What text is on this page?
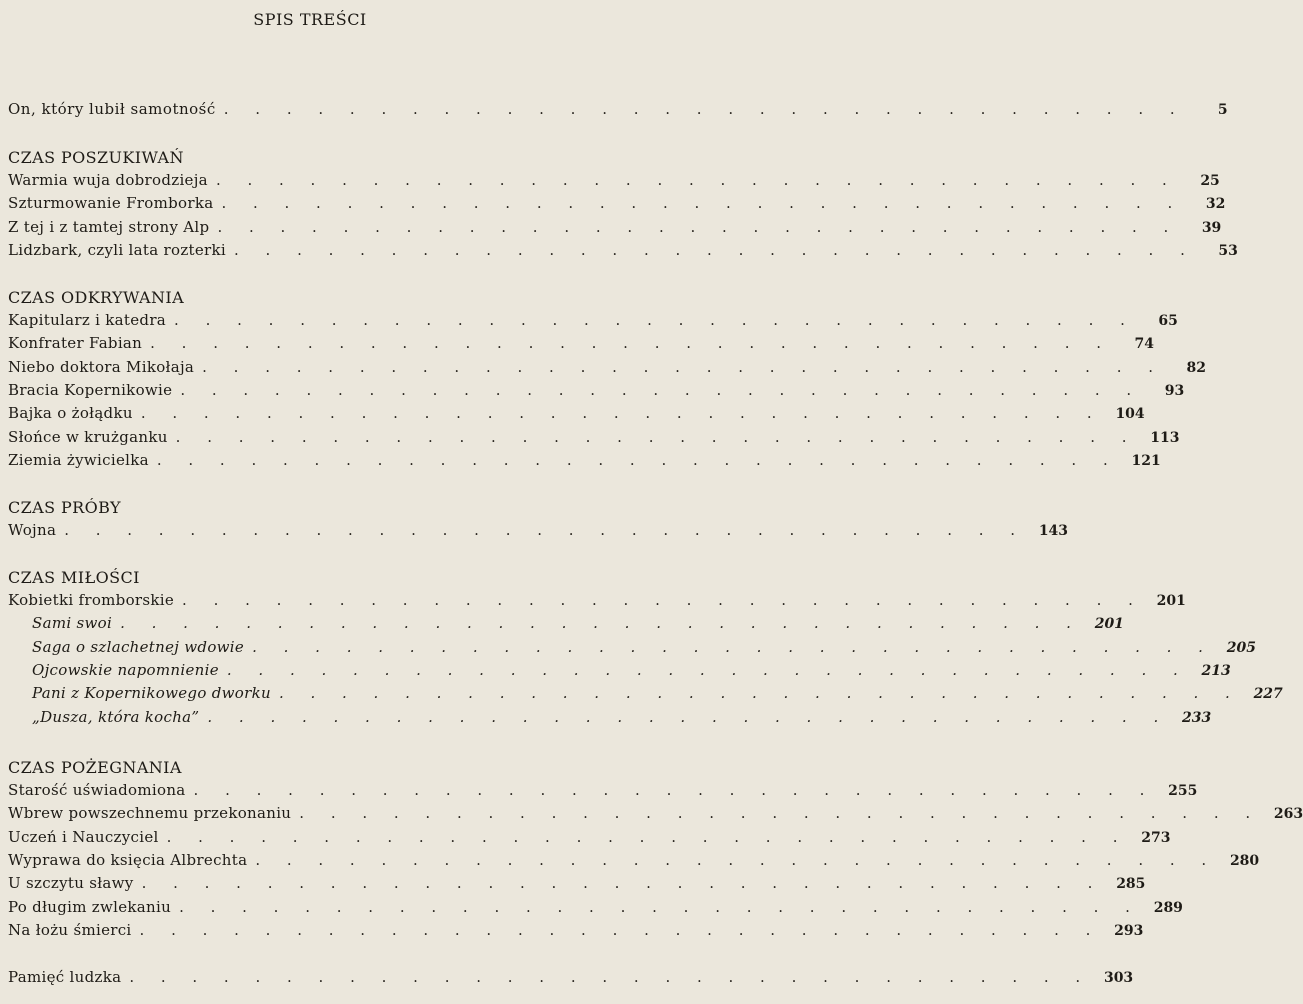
SPIS TREŚCI
On, który lubił samotność . . . . . . . . . . . . . . . . . . . . . . . . . . . . . . .	5
CZAS POSZUKIWAŃ
Warmia wuja dobrodzieja . . . . . . . . . . . . . . . . . . . . . . . . . . . . . . .	25
Szturmowanie Fromborka . . . . . . . . . . . . . . . . . . . . . . . . . . . . . . .	32
Z tej i z tamtej strony Alp . . . . . . . . . . . . . . . . . . . . . . . . . . . . . . .	39
Lidzbark, czyli lata rozterki . . . . . . . . . . . . . . . . . . . . . . . . . . . . . . .	53
CZAS ODKRYWANIA
Kapitularz i katedra . . . . . . . . . . . . . . . . . . . . . . . . . . . . . . .	65
Konfrater Fabian . . . . . . . . . . . . . . . . . . . . . . . . . . . . . . .	74
Niebo doktora Mikołaja . . . . . . . . . . . . . . . . . . . . . . . . . . . . . . .	82
Bracia Kopernikowie . . . . . . . . . . . . . . . . . . . . . . . . . . . . . . .	93
Bajka o żołądku . . . . . . . . . . . . . . . . . . . . . . . . . . . . . . . 104
Słońce w krużganku . . . . . . . . . . . . . . . . . . . . . . . . . . . . . . . 113
Ziemia żywicielka . . . . . . . . . . . . . . . . . . . . . . . . . . . . . . . 121
CZAS PRÓBY
Wojna . . . . . . . . . . . . . . . . . . . . . . . . . . . . . . . 143
CZAS MIŁOŚCI
Kobietki fromborskie . . . . . . . . . . . . . . . . . . . . . . . . . . . . . . . 201
Sami swoi . . . . . . . . . . . . . . . . . . . . . . . . . . . . . . . 201
Saga o szlachetnej wdowie . . . . . . . . . . . . . . . . . . . . . . . . . . . . . . . 205
Ojcowskie napomnienie . . . . . . . . . . . . . . . . . . . . . . . . . . . . . . . 213
Pani z Kopernikowego dworku . . . . . . . . . . . . . . . . . . . . . . . . . . . . . . . 227
„Dusza, która kocha” . . . . . . . . . . . . . . . . . . . . . . . . . . . . . . . 233
CZAS POŻEGNANIA
Starość uświadomiona . . . . . . . . . . . . . . . . . . . . . . . . . . . . . . . 255
Wbrew powszechnemu przekonaniu . . . . . . . . . . . . . . . . . . . . . . . . . . . . . . . 263
Uczeń i Nauczyciel . . . . . . . . . . . . . . . . . . . . . . . . . . . . . . . 273
Wyprawa do księcia Albrechta . . . . . . . . . . . . . . . . . . . . . . . . . . . . . . . 280
U szczytu sławy . . . . . . . . . . . . . . . . . . . . . . . . . . . . . . . 285
Po długim zwlekaniu . . . . . . . . . . . . . . . . . . . . . . . . . . . . . . . 289
Na łożu śmierci . . . . . . . . . . . . . . . . . . . . . . . . . . . . . . . 293
Pamięć ludzka . . . . . . . . . . . . . . . . . . . . . . . . . . . . . . . 303
